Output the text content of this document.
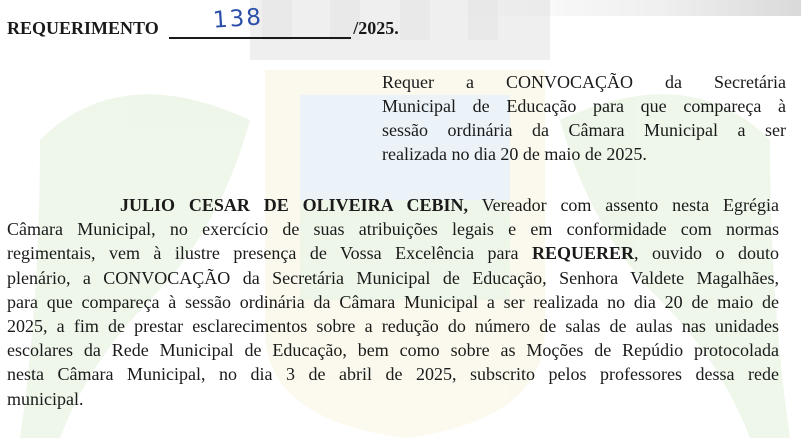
REQUERIMENTO 138	/2025.
Requer a CONVOCAÇÃO da Secretária
Municipal de Educação para que compareça à
sessão ordinária da Câmara Municipal a ser
realizada no dia 20 de maio de 2025.
JULIO CESAR DE OLIVEIRA CEBIN, Vereador com assento nesta Egrégia
Câmara Municipal, no exercício de suas atribuições legais e em conformidade com normas
regimentais, vem à ilustre presença de Vossa Excelência para REQUERER, ouvido o douto
plenário, a CONVOCAÇÃO da Secretária Municipal de Educação, Senhora Valdete Magalhães,
para que compareça à sessão ordinária da Câmara Municipal a ser realizada no dia 20 de maio de
2025, a fim de prestar esclarecimentos sobre a redução do número de salas de aulas nas unidades
escolares da Rede Municipal de Educação, bem como sobre as Moções de Repúdio protocolada
nesta Câmara Municipal, no dia 3 de abril de 2025, subscrito pelos professores dessa rede
municipal.
